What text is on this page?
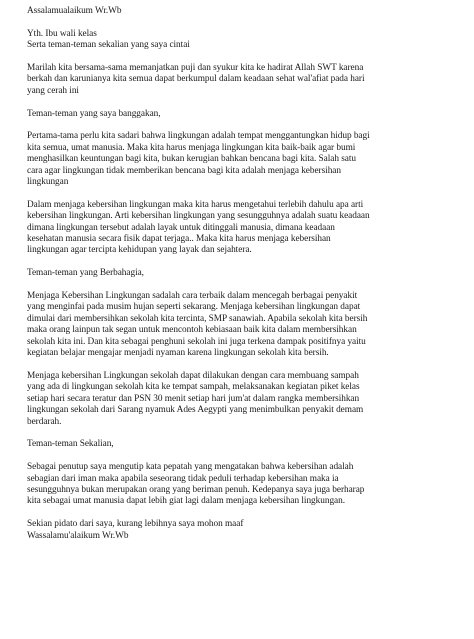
Assalamualaikum Wr.Wb
Yth. Ibu wali kelas
Serta teman-teman sekalian yang saya cintai
Marilah kita bersama-sama memanjatkan puji dan syukur kita ke hadirat Allah SWT karena
berkah dan karunianya kita semua dapat berkumpul dalam keadaan sehat wal'afiat pada hari
yang cerah ini
Teman-teman yang saya banggakan,
Pertama-tama perlu kita sadari bahwa lingkungan adalah tempat menggantungkan hidup bagi
kita semua, umat manusia. Maka kita harus menjaga lingkungan kita baik-baik agar bumi
menghasilkan keuntungan bagi kita, bukan kerugian bahkan bencana bagi kita. Salah satu
cara agar lingkungan tidak memberikan bencana bagi kita adalah menjaga kebersihan
lingkungan
Dalam menjaga kebersihan lingkungan maka kita harus mengetahui terlebih dahulu apa arti
kebersihan lingkungan. Arti kebersihan lingkungan yang sesungguhnya adalah suatu keadaan
dimana lingkungan tersebut adalah layak untuk ditinggali manusia, dimana keadaan
kesehatan manusia secara fisik dapat terjaga.. Maka kita harus menjaga kebersihan
lingkungan agar tercipta kehidupan yang layak dan sejahtera.
Teman-teman yang Berbahagia,
Menjaga Kebersihan Lingkungan sadalah cara terbaik dalam mencegah berbagai penyakit
yang menginfai pada musim hujan seperti sekarang. Menjaga kebersihan lingkungan dapat
dimulai dari membersihkan sekolah kita tercinta, SMP sanawiah. Apabila sekolah kita bersih
maka orang lainpun tak segan untuk mencontoh kebiasaan baik kita dalam membersihkan
sekolah kita ini. Dan kita sebagai penghuni sekolah ini juga terkena dampak positifnya yaitu
kegiatan belajar mengajar menjadi nyaman karena lingkungan sekolah kita bersih.
Menjaga kebersihan Lingkungan sekolah dapat dilakukan dengan cara membuang sampah
yang ada di lingkungan sekolah kita ke tempat sampah, melaksanakan kegiatan piket kelas
setiap hari secara teratur dan PSN 30 menit setiap hari jum'at dalam rangka membersihkan
lingkungan sekolah dari Sarang nyamuk Ades Aegypti yang menimbulkan penyakit demam
berdarah.
Teman-teman Sekalian,
Sebagai penutup saya mengutip kata pepatah yang mengatakan bahwa kebersihan adalah
sebagian dari iman maka apabila seseorang tidak peduli terhadap kebersihan maka ia
sesungguhnya bukan merupakan orang yang beriman penuh. Kedepanya saya juga berharap
kita sebagai umat manusia dapat lebih giat lagi dalam menjaga kebersihan lingkungan.
Sekian pidato dari saya, kurang lebihnya saya mohon maaf
Wassalamu'alaikum Wr.Wb
